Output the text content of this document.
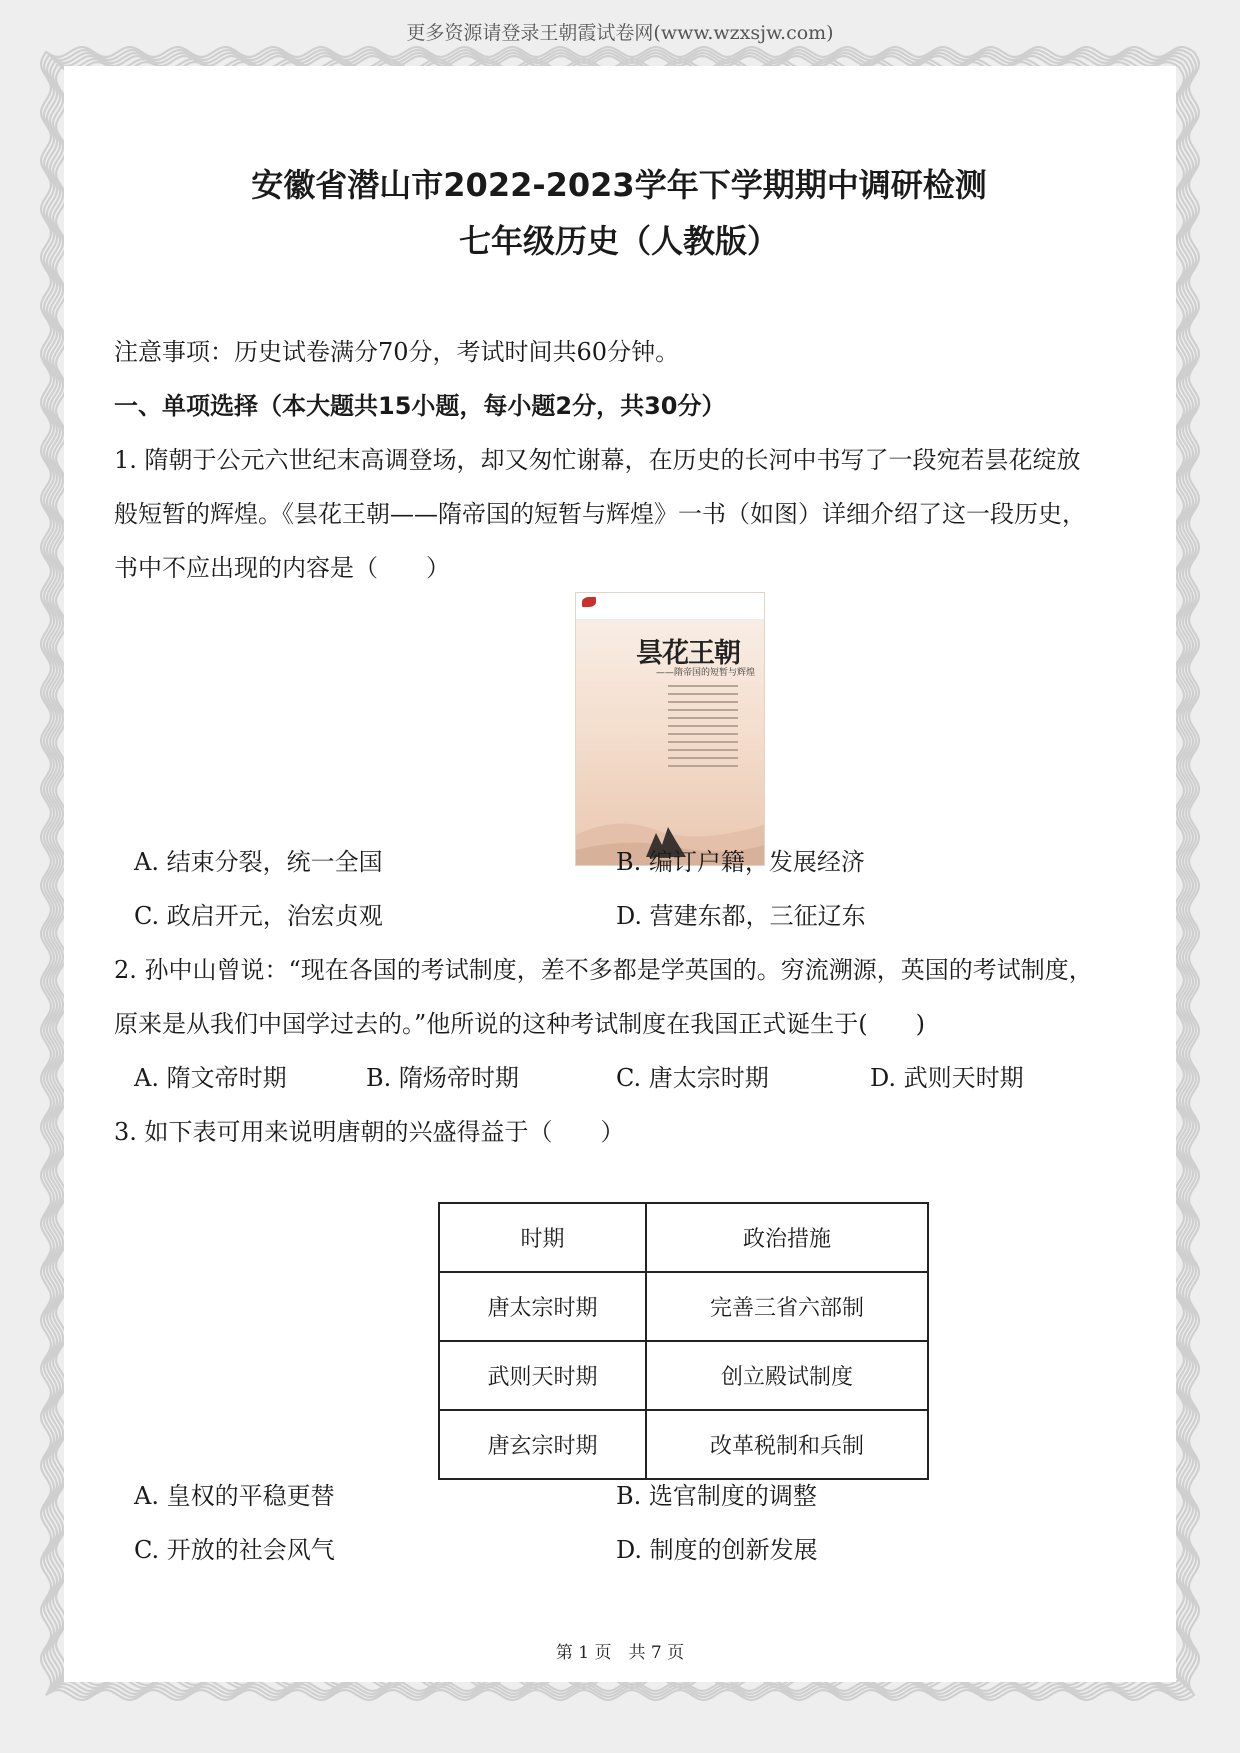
更多资源请登录王朝霞试卷网(www.wzxsjw.com)
安徽省潜山市2022-2023学年下学期期中调研检测
七年级历史（人教版）
注意事项：历史试卷满分70分，考试时间共60分钟。
一、单项选择（本大题共15小题，每小题2分，共30分）
1. 隋朝于公元六世纪末高调登场，却又匆忙谢幕，在历史的长河中书写了一段宛若昙花绽放
般短暂的辉煌。《昙花王朝——隋帝国的短暂与辉煌》一书（如图）详细介绍了这一段历史，
书中不应出现的内容是（　　）
昙花王朝
——隋帝国的短暂与辉煌
A. 结束分裂，统一全国	B. 编订户籍，发展经济
C. 政启开元，治宏贞观	D. 营建东都，三征辽东
2. 孙中山曾说：“现在各国的考试制度，差不多都是学英国的。穷流溯源，英国的考试制度，
原来是从我们中国学过去的。”他所说的这种考试制度在我国正式诞生于(　　)
A. 隋文帝时期	B. 隋炀帝时期	C. 唐太宗时期	D. 武则天时期
3. 如下表可用来说明唐朝的兴盛得益于（　　）
时期	政治措施
唐太宗时期	完善三省六部制
武则天时期	创立殿试制度
唐玄宗时期	改革税制和兵制
A. 皇权的平稳更替	B. 选官制度的调整
C. 开放的社会风气	D. 制度的创新发展
第 1 页　共 7 页
